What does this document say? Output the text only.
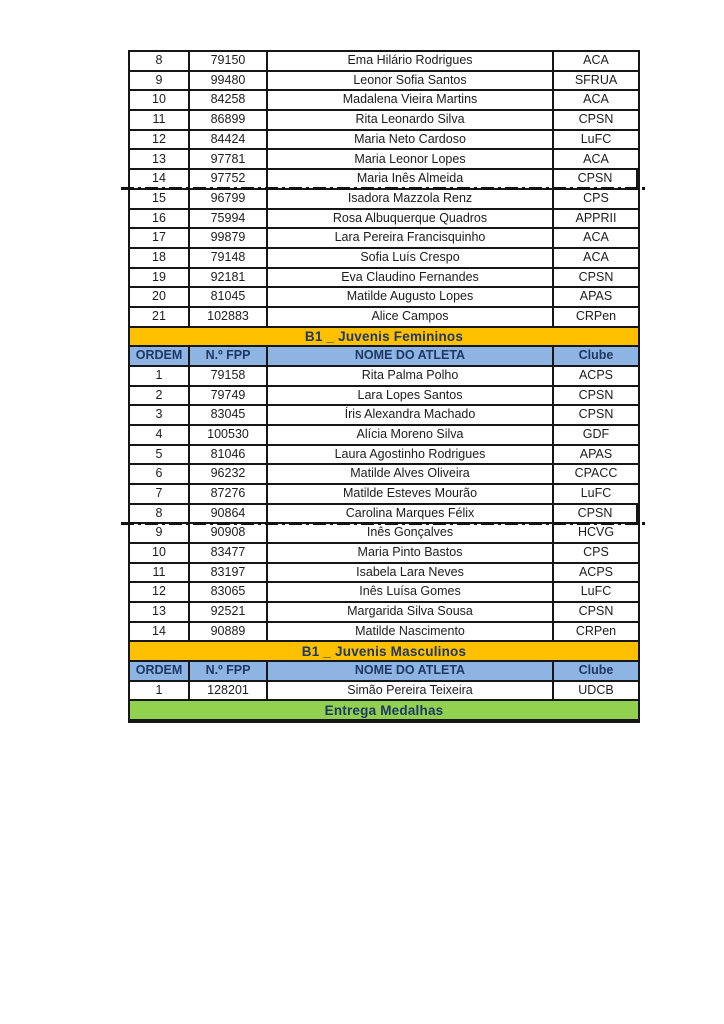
8	79150	Ema Hilário Rodrigues	ACA
9	99480	Leonor Sofia Santos	SFRUA
10	84258	Madalena Vieira Martins	ACA
11	86899	Rita Leonardo Silva	CPSN
12	84424	Maria Neto Cardoso	LuFC
13	97781	Maria Leonor Lopes	ACA
14	97752	Maria Inês Almeida	CPSN
15	96799	Isadora Mazzola Renz	CPS
16	75994	Rosa Albuquerque Quadros	APPRII
17	99879	Lara Pereira Francisquinho	ACA
18	79148	Sofia Luís Crespo	ACA
19	92181	Eva Claudino Fernandes	CPSN
20	81045	Matilde Augusto Lopes	APAS
21	102883	Alice Campos	CRPen
B1 _ Juvenis Femininos
ORDEM	N.º FPP	NOME DO ATLETA	Clube
1	79158	Rita Palma Polho	ACPS
2	79749	Lara Lopes Santos	CPSN
3	83045	Íris Alexandra Machado	CPSN
4	100530	Alícia Moreno Silva	GDF
5	81046	Laura Agostinho Rodrigues	APAS
6	96232	Matilde Alves Oliveira	CPACC
7	87276	Matilde Esteves Mourão	LuFC
8	90864	Carolina Marques Félix	CPSN
9	90908	Inês Gonçalves	HCVG
10	83477	Maria Pinto Bastos	CPS
11	83197	Isabela Lara Neves	ACPS
12	83065	Inês Luísa Gomes	LuFC
13	92521	Margarida Silva Sousa	CPSN
14	90889	Matilde Nascimento	CRPen
B1 _ Juvenis Masculinos
ORDEM	N.º FPP	NOME DO ATLETA	Clube
1	128201	Simão Pereira Teixeira	UDCB
Entrega Medalhas
